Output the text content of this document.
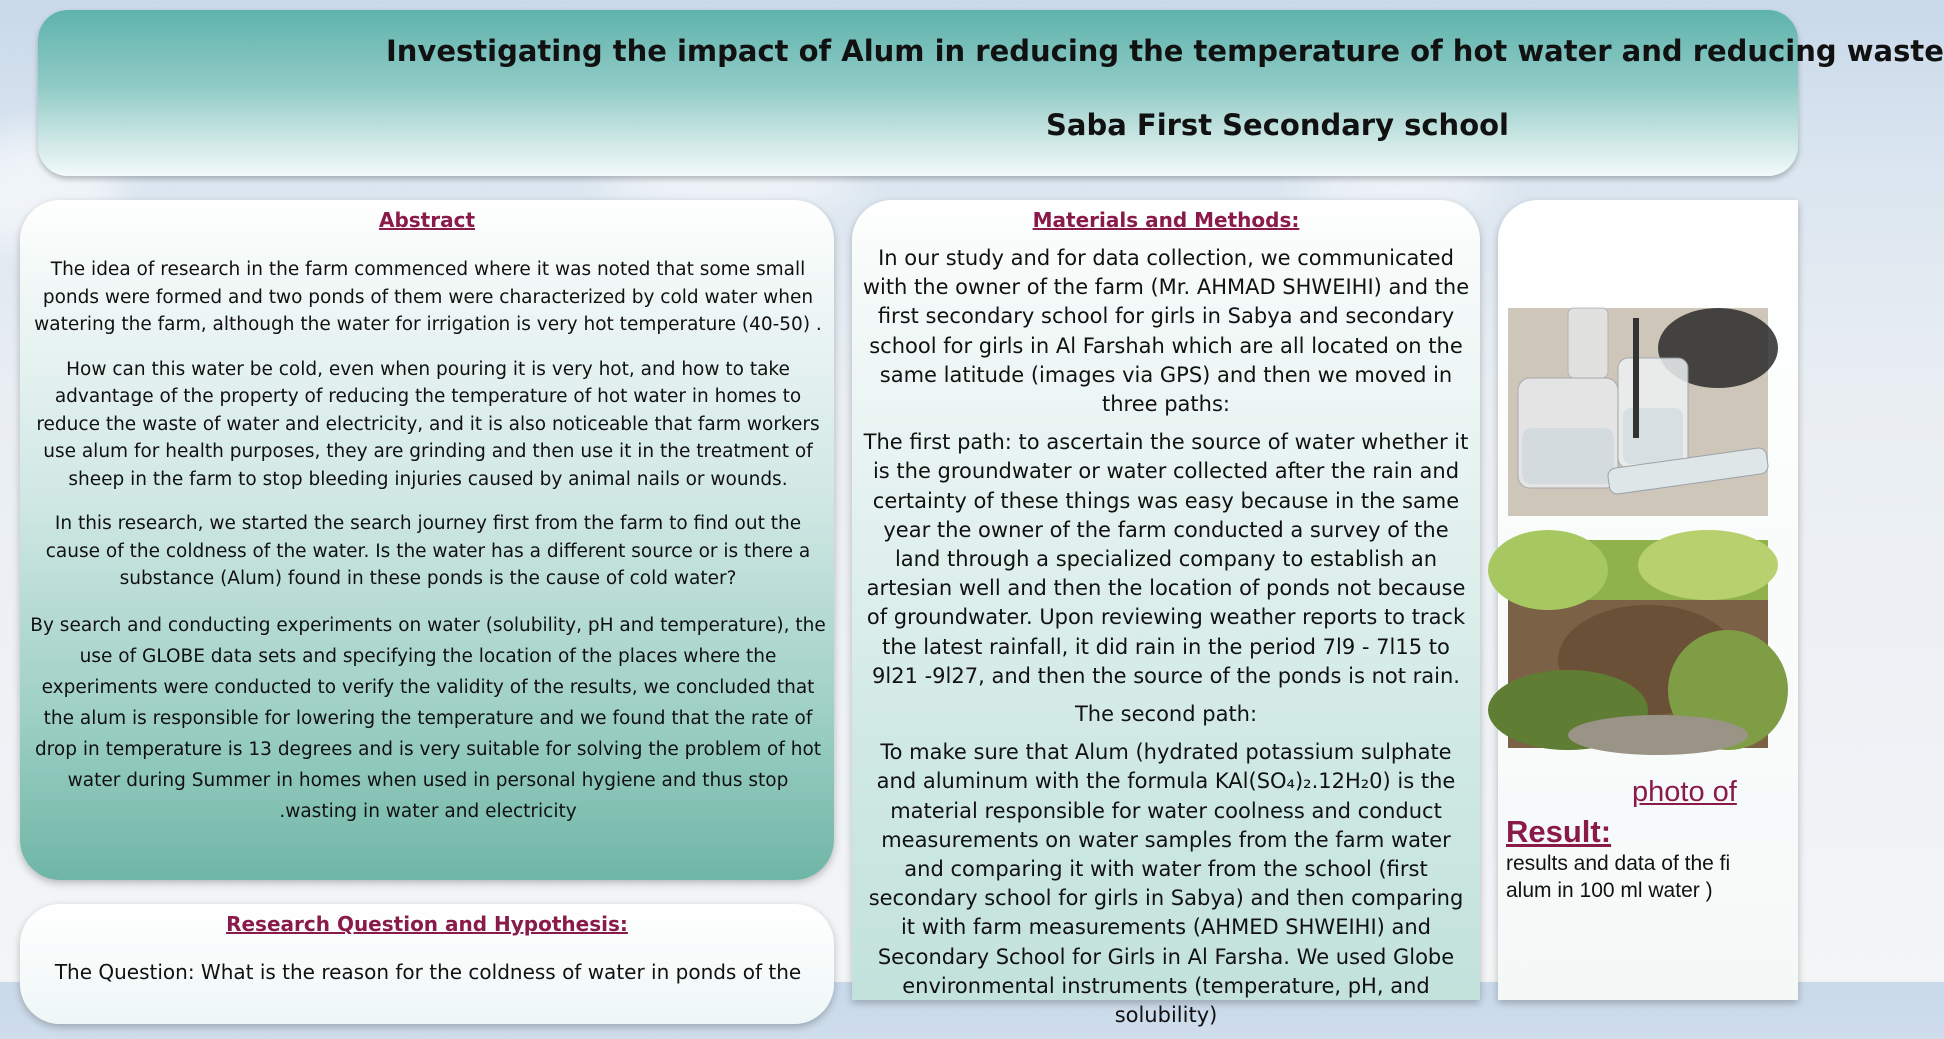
Investigating the impact of Alum in reducing the temperature of hot water and reducing waste
Saba First Secondary school
Abstract

The idea of research in the farm commenced where it was noted that some small ponds were formed and two ponds of them were characterized by cold water when watering the farm, although the water for irrigation is very hot temperature (40-50) .

How can this water be cold, even when pouring it is very hot, and how to take advantage of the property of reducing the temperature of hot water in homes to reduce the waste of water and electricity, and it is also noticeable that farm workers use alum for health purposes, they are grinding and then use it in the treatment of sheep in the farm to stop bleeding injuries caused by animal nails or wounds.

In this research, we started the search journey first from the farm to find out the cause of the coldness of the water. Is the water has a different source or is there a substance (Alum) found in these ponds is the cause of cold water?

By search and conducting experiments on water (solubility, pH and temperature), the use of GLOBE data sets and specifying the location of the places where the experiments were conducted to verify the validity of the results, we concluded that the alum is responsible for lowering the temperature and we found that the rate of drop in temperature is 13 degrees and is very suitable for solving the problem of hot water during Summer in homes when used in personal hygiene and thus stop .wasting in water and electricity

Research Question and Hypothesis:
The Question: What is the reason for the coldness of water in ponds of the
Materials and Methods:

In our study and for data collection, we communicated with the owner of the farm (Mr. AHMAD SHWEIHI) and the first secondary school for girls in Sabya and secondary school for girls in Al Farshah which are all located on the same latitude (images via GPS) and then we moved in three paths:

The first path: to ascertain the source of water whether it is the groundwater or water collected after the rain and certainty of these things was easy because in the same year the owner of the farm conducted a survey of the land through a specialized company to establish an artesian well and then the location of ponds not because of groundwater. Upon reviewing weather reports to track the latest rainfall, it did rain in the period 7l9 - 7l15 to 9l21 -9l27, and then the source of the ponds is not rain.

The second path:

To make sure that Alum (hydrated potassium sulphate and aluminum with the formula KAl(SO₄)₂.12H₂0) is the material responsible for water coolness and conduct measurements on water samples from the farm water and comparing it with water from the school (first secondary school for girls in Sabya) and then comparing it with farm measurements (AHMED SHWEIHI) and Secondary School for Girls in Al Farsha. We used Globe environmental instruments (temperature, pH, and solubility)

photo of
Result:
results and data of the fi
alum in 100 ml water )
